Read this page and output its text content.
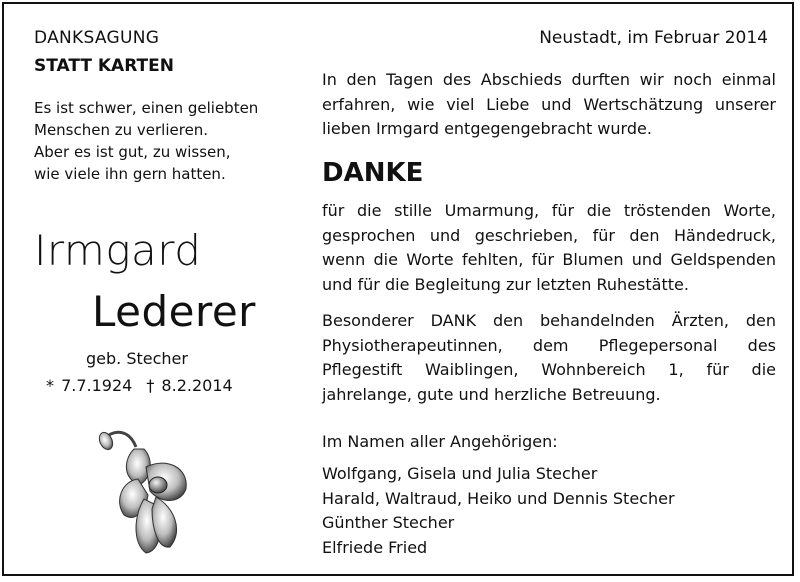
DANKSAGUNG
STATT KARTEN
Es ist schwer, einen geliebten
Menschen zu verlieren.
Aber es ist gut, zu wissen,
wie viele ihn gern hatten.
Irmgard
Lederer
geb. Stecher
* 7.7.1924 † 8.2.2014
Neustadt, im Februar 2014
In den Tagen des Abschieds durften wir noch einmal erfahren, wie viel Liebe und Wertschätzung unserer lieben Irmgard entgegengebracht wurde.
DANKE
für die stille Umarmung, für die tröstenden Worte, gesprochen und geschrieben, für den Händedruck, wenn die Worte fehlten, für Blumen und Geldspenden und für die Begleitung zur letzten Ruhestätte.
Besonderer DANK den behandelnden Ärzten, den Physiotherapeutinnen, dem Pflegepersonal des Pflegestift Waiblingen, Wohnbereich 1, für die jahrelange, gute und herzliche Betreuung.
Im Namen aller Angehörigen:
Wolfgang, Gisela und Julia Stecher
Harald, Waltraud, Heiko und Dennis Stecher
Günther Stecher
Elfriede Fried
